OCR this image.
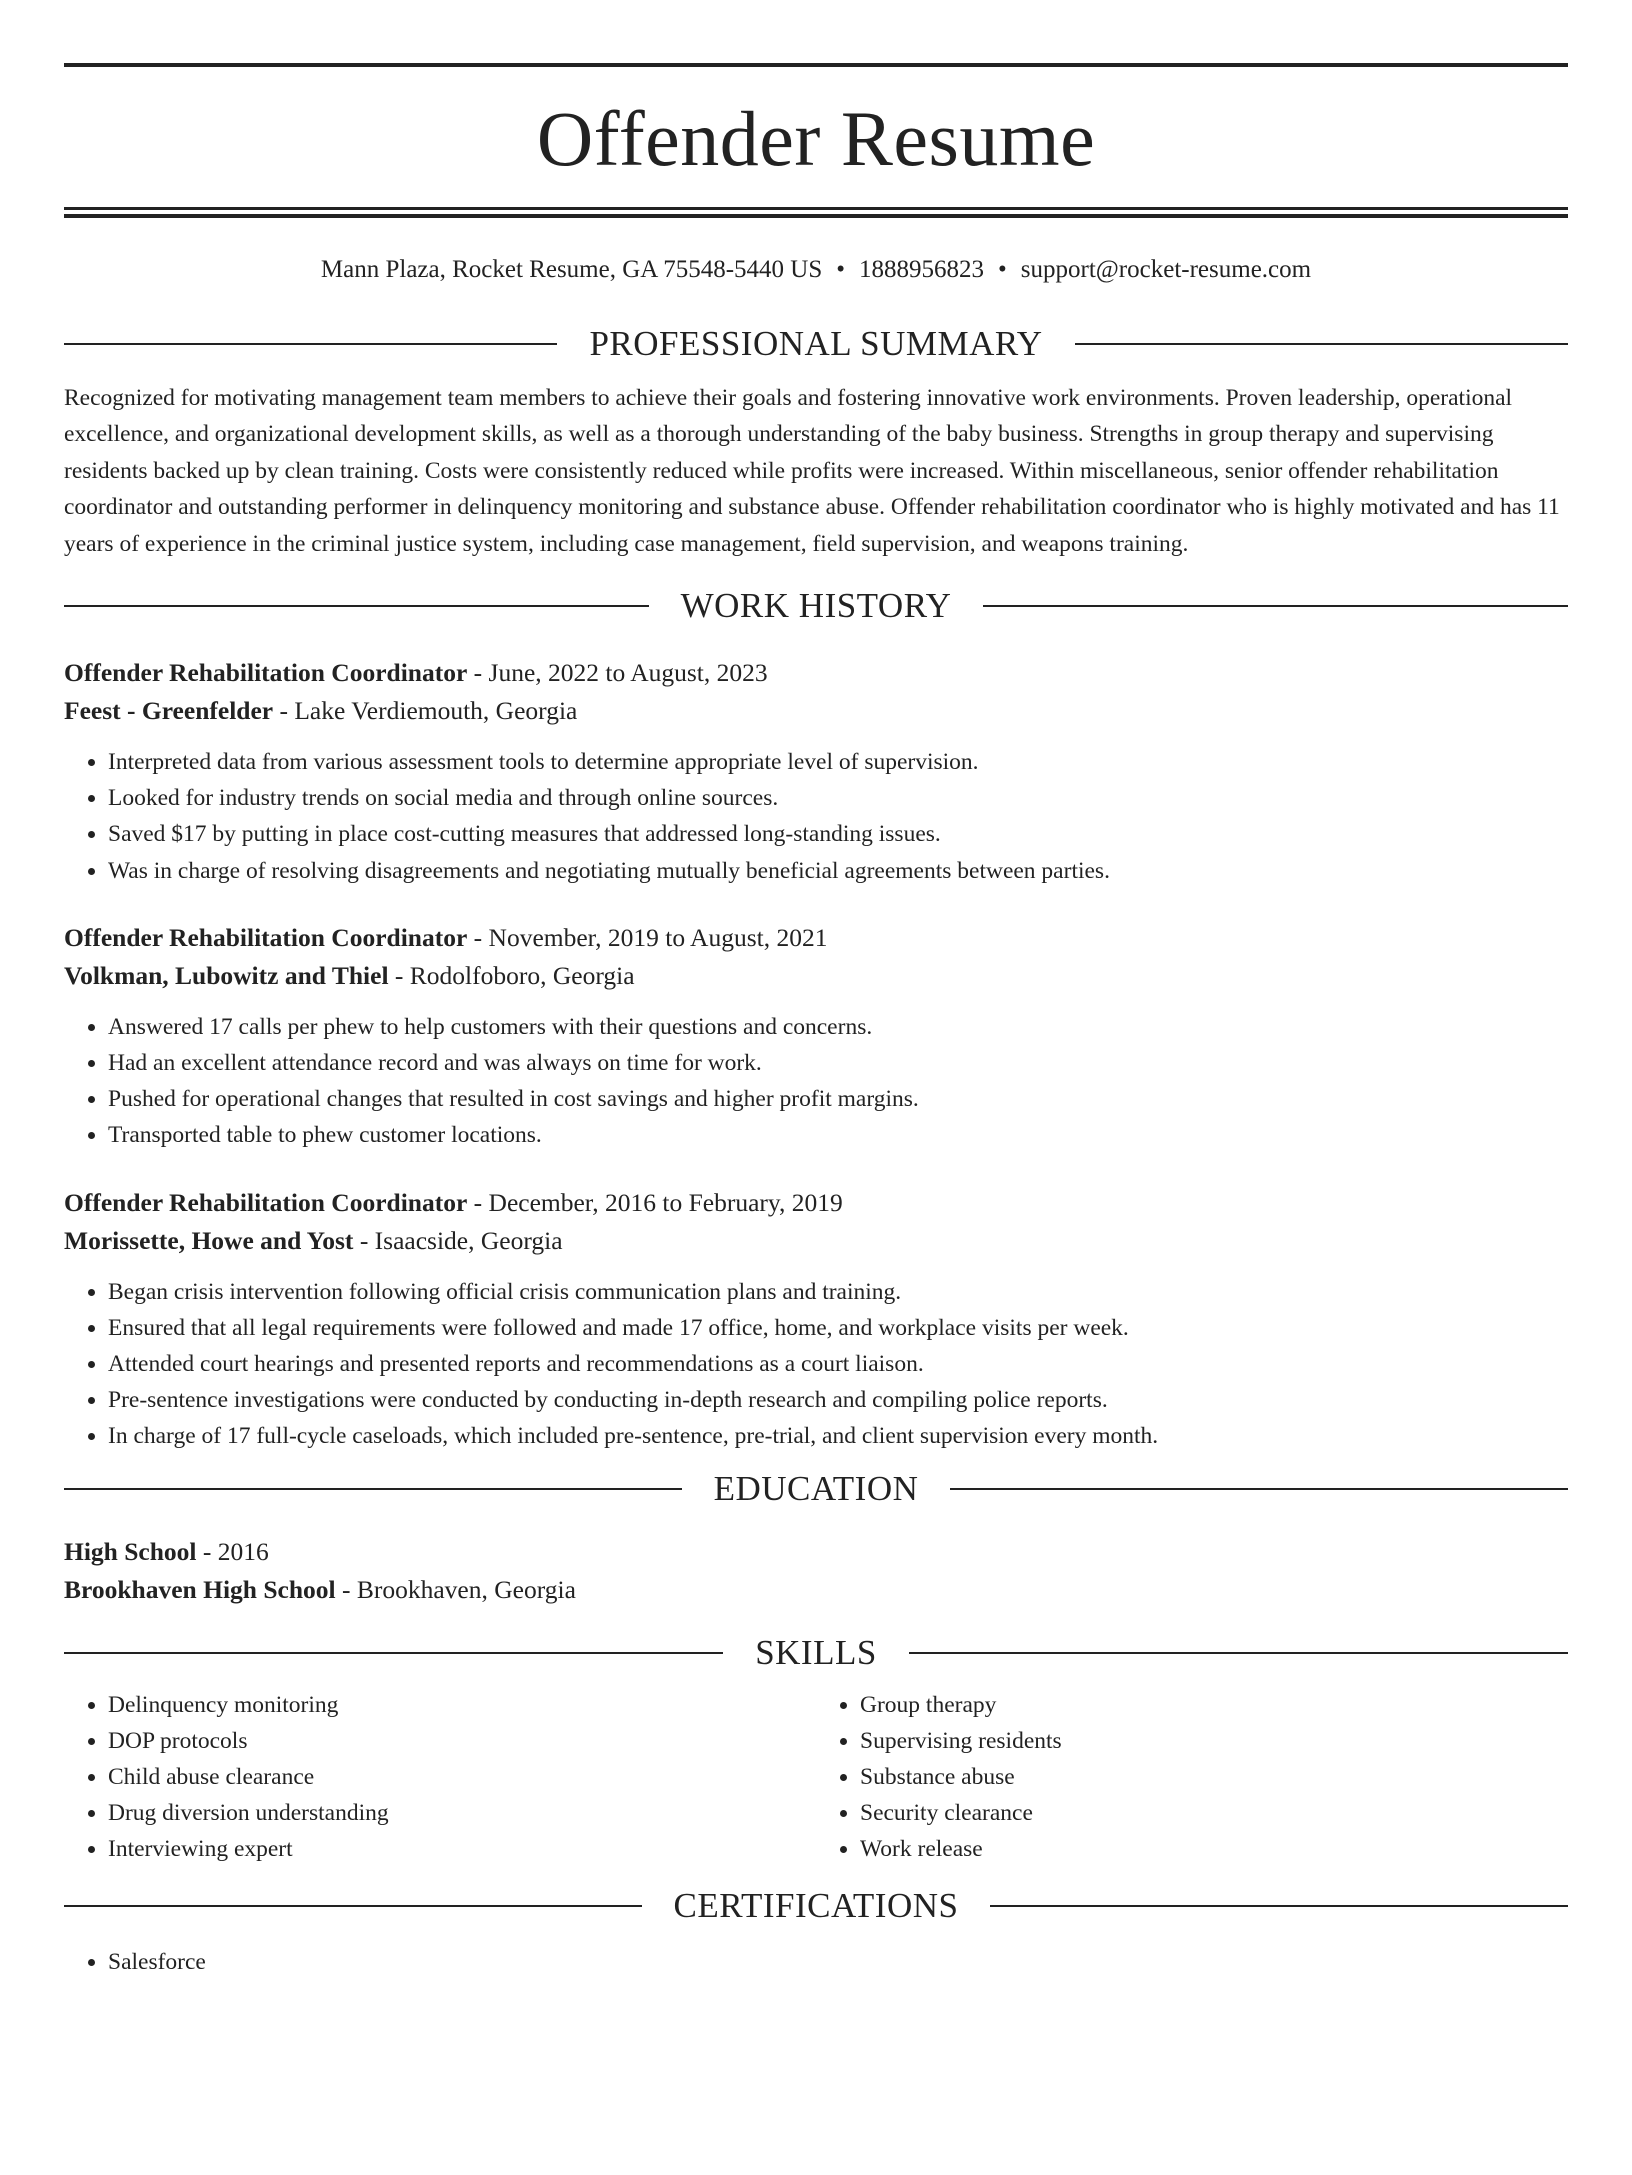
Offender Resume
Mann Plaza, Rocket Resume, GA 75548-5440 US • 1888956823 • support@rocket-resume.com
PROFESSIONAL SUMMARY

Recognized for motivating management team members to achieve their goals and fostering innovative work environments. Proven leadership, operational excellence, and organizational development skills, as well as a thorough understanding of the baby business. Strengths in group therapy and supervising residents backed up by clean training. Costs were consistently reduced while profits were increased. Within miscellaneous, senior offender rehabilitation coordinator and outstanding performer in delinquency monitoring and substance abuse. Offender rehabilitation coordinator who is highly motivated and has 11 years of experience in the criminal justice system, including case management, field supervision, and weapons training.

WORK HISTORY
Offender Rehabilitation Coordinator - June, 2022 to August, 2023
Feest - Greenfelder - Lake Verdiemouth, Georgia
• Interpreted data from various assessment tools to determine appropriate level of supervision.
• Looked for industry trends on social media and through online sources.
• Saved $17 by putting in place cost-cutting measures that addressed long-standing issues.
• Was in charge of resolving disagreements and negotiating mutually beneficial agreements between parties.
Offender Rehabilitation Coordinator - November, 2019 to August, 2021
Volkman, Lubowitz and Thiel - Rodolfoboro, Georgia
• Answered 17 calls per phew to help customers with their questions and concerns.
• Had an excellent attendance record and was always on time for work.
• Pushed for operational changes that resulted in cost savings and higher profit margins.
• Transported table to phew customer locations.
Offender Rehabilitation Coordinator - December, 2016 to February, 2019
Morissette, Howe and Yost - Isaacside, Georgia
• Began crisis intervention following official crisis communication plans and training.
• Ensured that all legal requirements were followed and made 17 office, home, and workplace visits per week.
• Attended court hearings and presented reports and recommendations as a court liaison.
• Pre-sentence investigations were conducted by conducting in-depth research and compiling police reports.
• In charge of 17 full-cycle caseloads, which included pre-sentence, pre-trial, and client supervision every month.
EDUCATION
High School - 2016
Brookhaven High School - Brookhaven, Georgia
SKILLS
• Delinquency monitoring
• DOP protocols
• Child abuse clearance
• Drug diversion understanding
• Interviewing expert
• Group therapy
• Supervising residents
• Substance abuse
• Security clearance
• Work release
CERTIFICATIONS
• Salesforce
